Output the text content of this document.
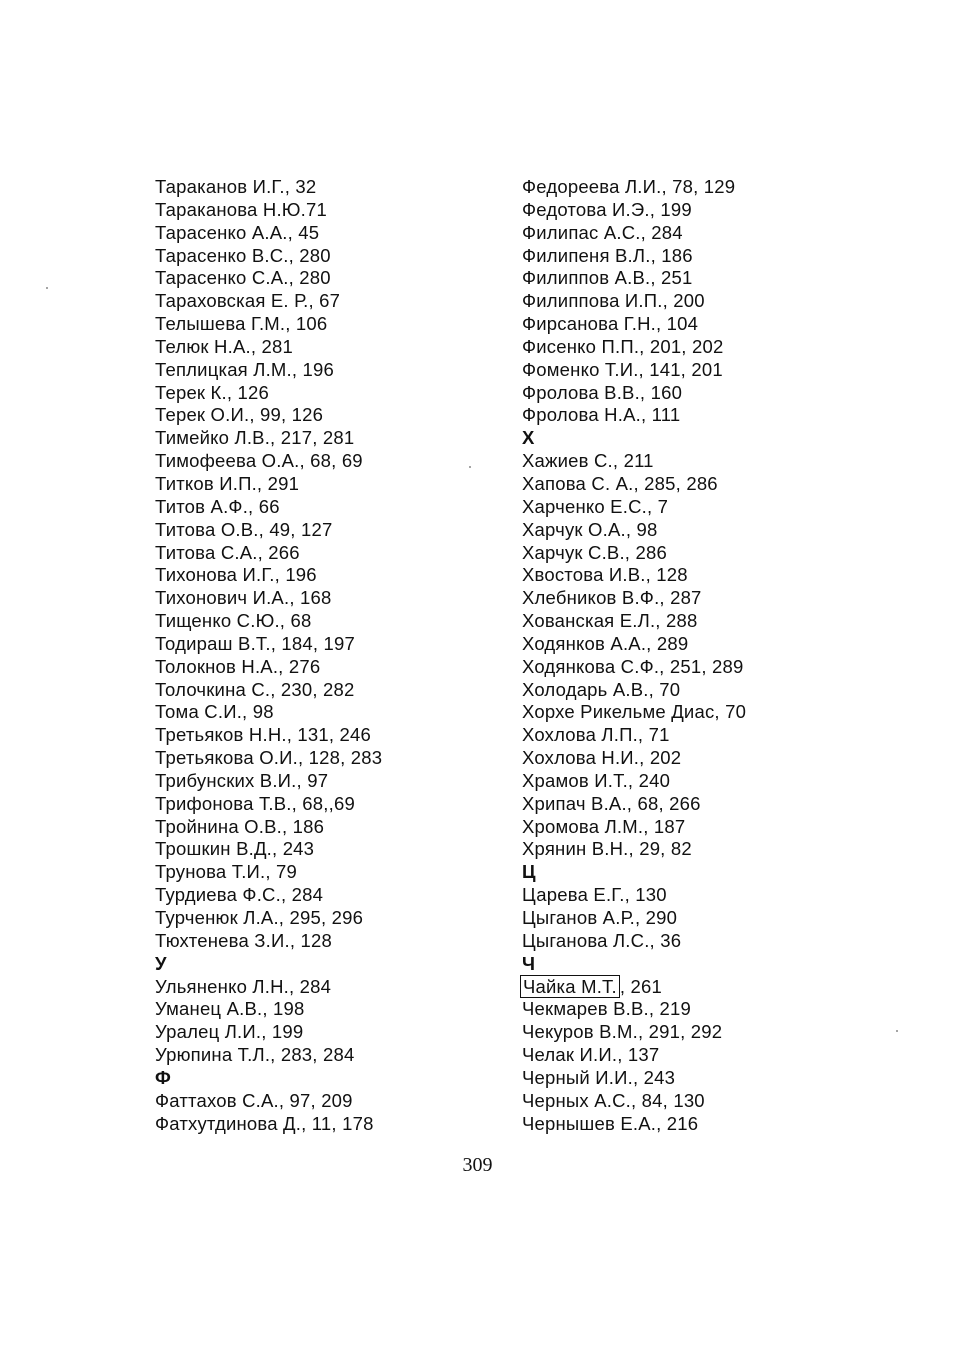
Тараканов И.Г., 32
Тараканова Н.Ю.71
Тарасенко А.А., 45
Тарасенко В.С., 280
Тарасенко С.А., 280
Тараховская Е. Р., 67
Телышева Г.М., 106
Телюк Н.А., 281
Теплицкая Л.М., 196
Терек К., 126
Терек О.И., 99, 126
Тимейко Л.В., 217, 281
Тимофеева О.А., 68, 69
Титков И.П., 291
Титов А.Ф., 66
Титова О.В., 49, 127
Титова С.А., 266
Тихонова И.Г., 196
Тихонович И.А., 168
Тищенко С.Ю., 68
Тодираш В.Т., 184, 197
Толокнов Н.А., 276
Толочкина С., 230, 282
Тома С.И., 98
Третьяков Н.Н., 131, 246
Третьякова О.И., 128, 283
Трибунских В.И., 97
Трифонова Т.В., 68,,69
Тройнина О.В., 186
Трошкин В.Д., 243
Трунова Т.И., 79
Турдиева Ф.С., 284
Турченюк Л.А., 295, 296
Тюхтенева З.И., 128
У
Ульяненко Л.Н., 284
Уманец А.В., 198
Уралец Л.И., 199
Урюпина Т.Л., 283, 284
Ф
Фаттахов С.А., 97, 209
Фатхутдинова Д., 11, 178
Федореева Л.И., 78, 129
Федотова И.Э., 199
Филипас А.С., 284
Филипеня В.Л., 186
Филиппов А.В., 251
Филиппова И.П., 200
Фирсанова Г.Н., 104
Фисенко П.П., 201, 202
Фоменко Т.И., 141, 201
Фролова В.В., 160
Фролова Н.А., 111
Х
Хажиев С., 211
Хапова С. А., 285, 286
Харченко Е.С., 7
Харчук О.А., 98
Харчук С.В., 286
Хвостова И.В., 128
Хлебников В.Ф., 287
Хованская Е.Л., 288
Ходянков А.А., 289
Ходянкова С.Ф., 251, 289
Холодарь А.В., 70
Хорхе Рикельме Диас, 70
Хохлова Л.П., 71
Хохлова Н.И., 202
Храмов И.Т., 240
Хрипач В.А., 68, 266
Хромова Л.М., 187
Хрянин В.Н., 29, 82
Ц
Царева Е.Г., 130
Цыганов А.Р., 290
Цыганова Л.С., 36
Ч
Чайка М.Т. , 261
Чекмарев В.В., 219
Чекуров В.М., 291, 292
Челак И.И., 137
Черный И.И., 243
Черных А.С., 84, 130
Чернышев Е.А., 216
309
